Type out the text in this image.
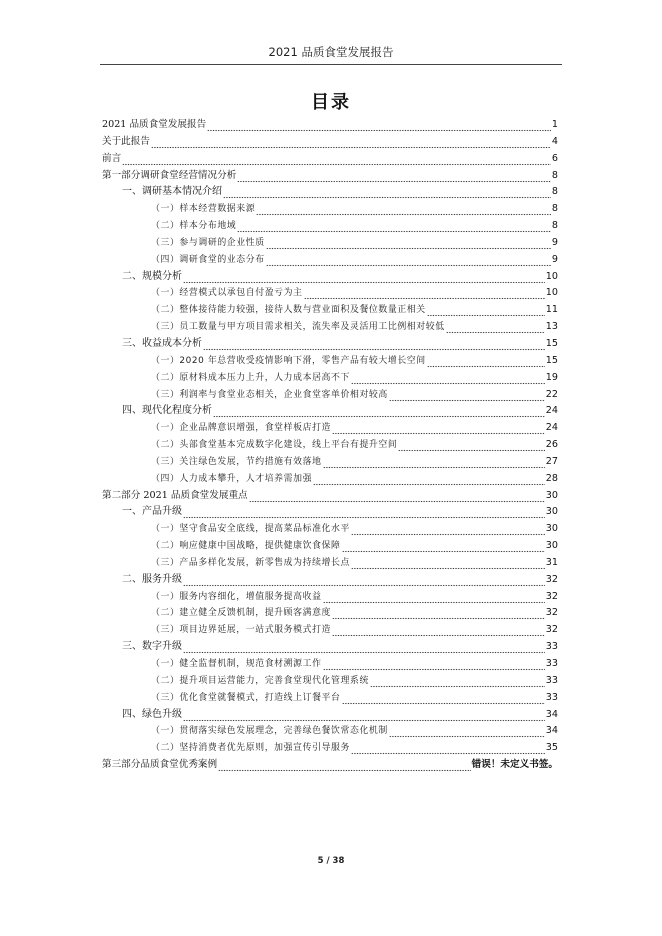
2021 品质食堂发展报告
目录
2021 品质食堂发展报告	1
关于此报告	4
前言	6
第一部分调研食堂经营情况分析	8
一、调研基本情况介绍	8
（一）样本经营数据来源	8
（二）样本分布地域	8
（三）参与调研的企业性质	9
（四）调研食堂的业态分布	9
二、规模分析	10
（一）经营模式以承包自付盈亏为主	10
（二）整体接待能力较强，接待人数与营业面积及餐位数量正相关	11
（三）员工数量与甲方项目需求相关，流失率及灵活用工比例相对较低	13
三、收益成本分析	15
（一）2020 年总营收受疫情影响下滑，零售产品有较大增长空间	15
（二）原材料成本压力上升，人力成本居高不下	19
（三）利润率与食堂业态相关，企业食堂客单价相对较高	22
四、现代化程度分析	24
（一）企业品牌意识增强，食堂样板店打造	24
（二）头部食堂基本完成数字化建设，线上平台有提升空间	26
（三）关注绿色发展，节约措施有效落地	27
（四）人力成本攀升，人才培养需加强	28
第二部分 2021 品质食堂发展重点	30
一、产品升级	30
（一）坚守食品安全底线，提高菜品标准化水平	30
（二）响应健康中国战略，提供健康饮食保障	30
（三）产品多样化发展，新零售成为持续增长点	31
二、服务升级	32
（一）服务内容细化，增值服务提高收益	32
（二）建立健全反馈机制，提升顾客满意度	32
（三）项目边界延展，一站式服务模式打造	32
三、数字升级	33
（一）健全监督机制，规范食材溯源工作	33
（二）提升项目运营能力，完善食堂现代化管理系统	33
（三）优化食堂就餐模式，打造线上订餐平台	33
四、绿色升级	34
（一）贯彻落实绿色发展理念，完善绿色餐饮常态化机制	34
（二）坚持消费者优先原则，加强宣传引导服务	35
第三部分品质食堂优秀案例	错误！未定义书签。
5 / 38
